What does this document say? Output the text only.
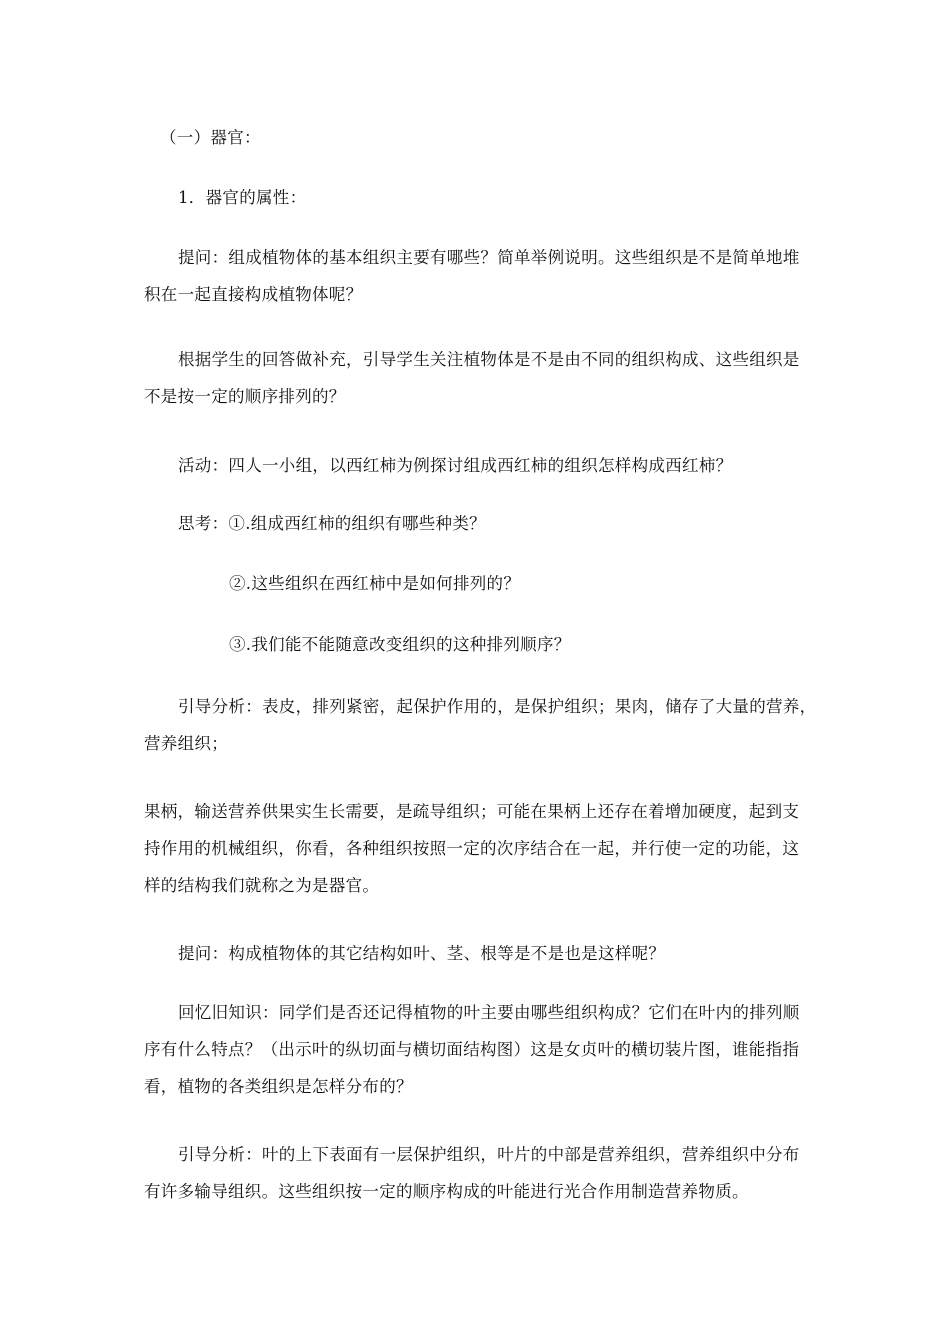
（一）器官：

1．器官的属性：

提问：组成植物体的基本组织主要有哪些？简单举例说明。这些组织是不是简单地堆
积在一起直接构成植物体呢？

根据学生的回答做补充，引导学生关注植物体是不是由不同的组织构成、这些组织是
不是按一定的顺序排列的？

活动：四人一小组，以西红柿为例探讨组成西红柿的组织怎样构成西红柿？

思考：①.组成西红柿的组织有哪些种类？

②.这些组织在西红柿中是如何排列的？

③.我们能不能随意改变组织的这种排列顺序？

引导分析：表皮，排列紧密，起保护作用的，是保护组织；果肉，储存了大量的营养，
营养组织；

果柄，输送营养供果实生长需要，是疏导组织；可能在果柄上还存在着增加硬度，起到支
持作用的机械组织，你看，各种组织按照一定的次序结合在一起，并行使一定的功能，这
样的结构我们就称之为是器官。

提问：构成植物体的其它结构如叶、茎、根等是不是也是这样呢？

回忆旧知识：同学们是否还记得植物的叶主要由哪些组织构成？它们在叶内的排列顺
序有什么特点？（出示叶的纵切面与横切面结构图）这是女贞叶的横切装片图，谁能指指
看，植物的各类组织是怎样分布的？

引导分析：叶的上下表面有一层保护组织，叶片的中部是营养组织，营养组织中分布
有许多输导组织。这些组织按一定的顺序构成的叶能进行光合作用制造营养物质。
